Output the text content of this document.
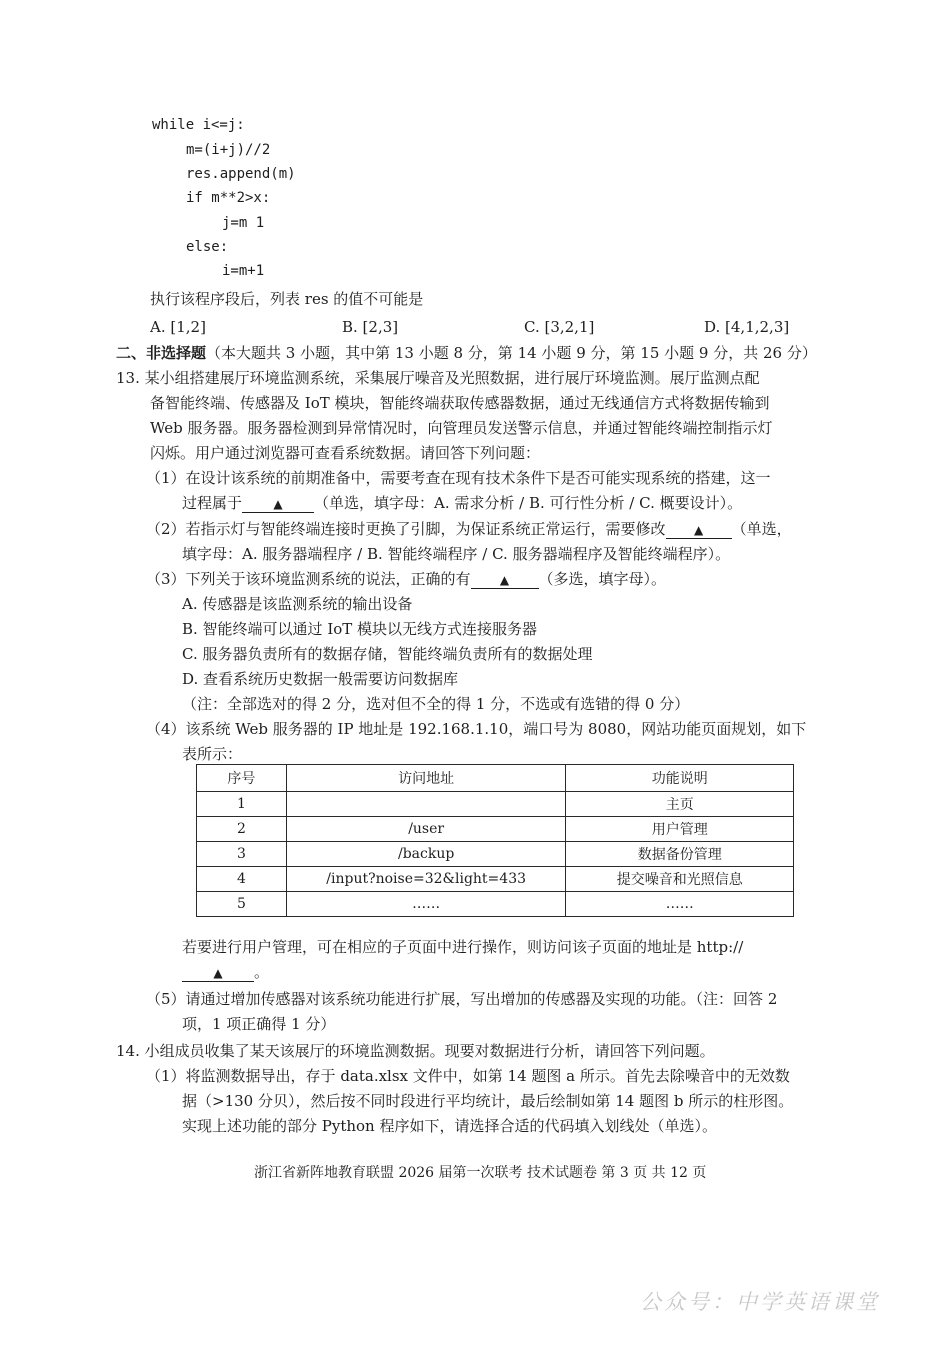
while i<=j:
m=(i+j)//2
res.append(m)
if m**2>x:
j=m 1
else:
i=m+1
执行该程序段后，列表 res 的值不可能是
A. [1,2]	B. [2,3]	C. [3,2,1]	D. [4,1,2,3]
二、非选择题（本大题共 3 小题，其中第 13 小题 8 分，第 14 小题 9 分，第 15 小题 9 分，共 26 分）
13. 某小组搭建展厅环境监测系统，采集展厅噪音及光照数据，进行展厅环境监测。展厅监测点配
备智能终端、传感器及 IoT 模块，智能终端获取传感器数据，通过无线通信方式将数据传输到
Web 服务器。服务器检测到异常情况时，向管理员发送警示信息，并通过智能终端控制指示灯
闪烁。用户通过浏览器可查看系统数据。请回答下列问题：
（1）在设计该系统的前期准备中，需要考查在现有技术条件下是否可能实现系统的搭建，这一
过程属于	▲ （单选，填字母：A. 需求分析 / B. 可行性分析 / C. 概要设计）。
（2）若指示灯与智能终端连接时更换了引脚，为保证系统正常运行，需要修改 ▲ （单选，
填字母：A. 服务器端程序 / B. 智能终端程序 / C. 服务器端程序及智能终端程序）。
（3）下列关于该环境监测系统的说法，正确的有 ▲ （多选，填字母）。
A. 传感器是该监测系统的输出设备
B. 智能终端可以通过 IoT 模块以无线方式连接服务器
C. 服务器负责所有的数据存储，智能终端负责所有的数据处理
D. 查看系统历史数据一般需要访问数据库
（注：全部选对的得 2 分，选对但不全的得 1 分，不选或有选错的得 0 分）
（4）该系统 Web 服务器的 IP 地址是 192.168.1.10，端口号为 8080，网站功能页面规划，如下
表所示：
序号	访问地址	功能说明
1		主页
2	/user	用户管理
3	/backup	数据备份管理
4	/input?noise=32&light=433	提交噪音和光照信息
5	……	……
若要进行用户管理，可在相应的子页面中进行操作，则访问该子页面的地址是 http://
▲ 。
（5）请通过增加传感器对该系统功能进行扩展，写出增加的传感器及实现的功能。（注：回答 2
项，1 项正确得 1 分）
14. 小组成员收集了某天该展厅的环境监测数据。现要对数据进行分析，请回答下列问题。
（1）将监测数据导出，存于 data.xlsx 文件中，如第 14 题图 a 所示。首先去除噪音中的无效数
据（>130 分贝），然后按不同时段进行平均统计，最后绘制如第 14 题图 b 所示的柱形图。
实现上述功能的部分 Python 程序如下，请选择合适的代码填入划线处（单选）。
浙江省新阵地教育联盟 2026 届第一次联考 技术试题卷 第 3 页 共 12 页
公众号：中学英语课堂
